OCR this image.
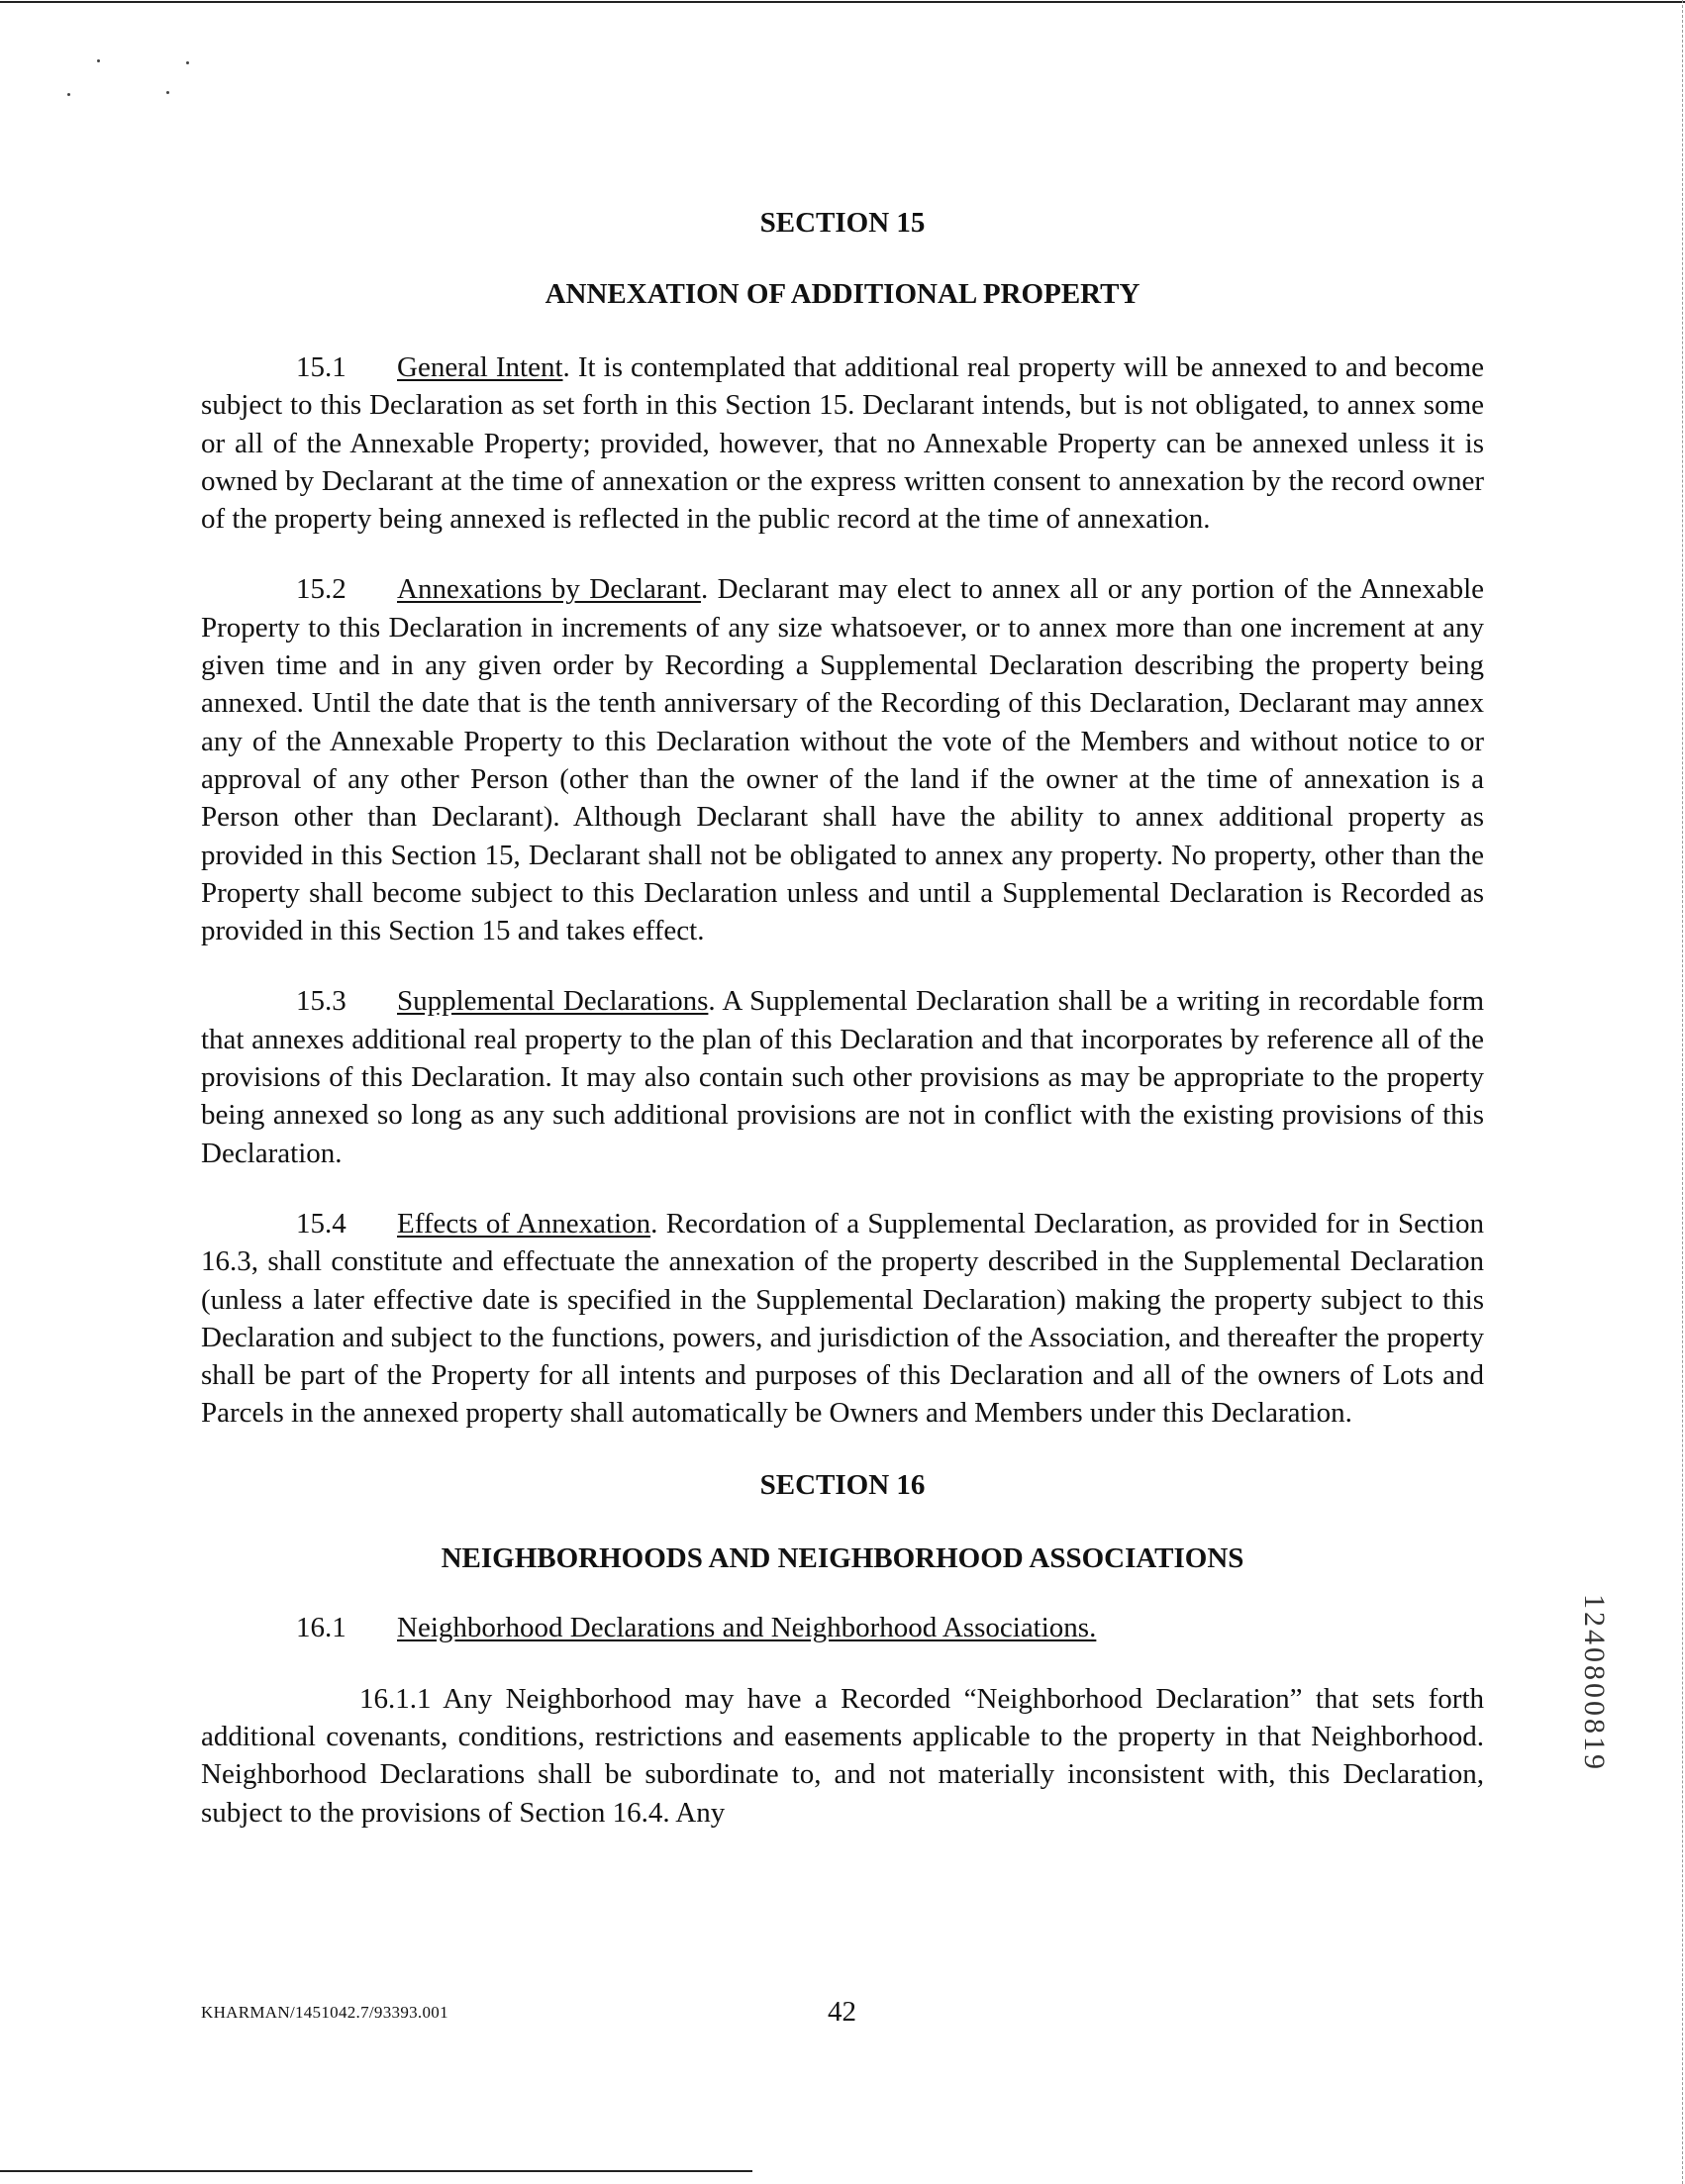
SECTION 15
ANNEXATION OF ADDITIONAL PROPERTY

15.1 General Intent. It is contemplated that additional real property will be annexed to and become subject to this Declaration as set forth in this Section 15. Declarant intends, but is not obligated, to annex some or all of the Annexable Property; provided, however, that no Annexable Property can be annexed unless it is owned by Declarant at the time of annexation or the express written consent to annexation by the record owner of the property being annexed is reflected in the public record at the time of annexation.

15.2 Annexations by Declarant. Declarant may elect to annex all or any portion of the Annexable Property to this Declaration in increments of any size whatsoever, or to annex more than one increment at any given time and in any given order by Recording a Supplemental Declaration describing the property being annexed. Until the date that is the tenth anniversary of the Recording of this Declaration, Declarant may annex any of the Annexable Property to this Declaration without the vote of the Members and without notice to or approval of any other Person (other than the owner of the land if the owner at the time of annexation is a Person other than Declarant). Although Declarant shall have the ability to annex additional property as provided in this Section 15, Declarant shall not be obligated to annex any property. No property, other than the Property shall become subject to this Declaration unless and until a Supplemental Declaration is Recorded as provided in this Section 15 and takes effect.

15.3 Supplemental Declarations. A Supplemental Declaration shall be a writing in recordable form that annexes additional real property to the plan of this Declaration and that incorporates by reference all of the provisions of this Declaration. It may also contain such other provisions as may be appropriate to the property being annexed so long as any such additional provisions are not in conflict with the existing provisions of this Declaration.

15.4 Effects of Annexation. Recordation of a Supplemental Declaration, as provided for in Section 16.3, shall constitute and effectuate the annexation of the property described in the Supplemental Declaration (unless a later effective date is specified in the Supplemental Declaration) making the property subject to this Declaration and subject to the functions, powers, and jurisdiction of the Association, and thereafter the property shall be part of the Property for all intents and purposes of this Declaration and all of the owners of Lots and Parcels in the annexed property shall automatically be Owners and Members under this Declaration.

SECTION 16
NEIGHBORHOODS AND NEIGHBORHOOD ASSOCIATIONS

16.1 Neighborhood Declarations and Neighborhood Associations.

16.1.1 Any Neighborhood may have a Recorded “Neighborhood Declaration” that sets forth additional covenants, conditions, restrictions and easements applicable to the property in that Neighborhood. Neighborhood Declarations shall be subordinate to, and not materially inconsistent with, this Declaration, subject to the provisions of Section 16.4. Any

KHARMAN/1451042.7/93393.001	42
1240800819
